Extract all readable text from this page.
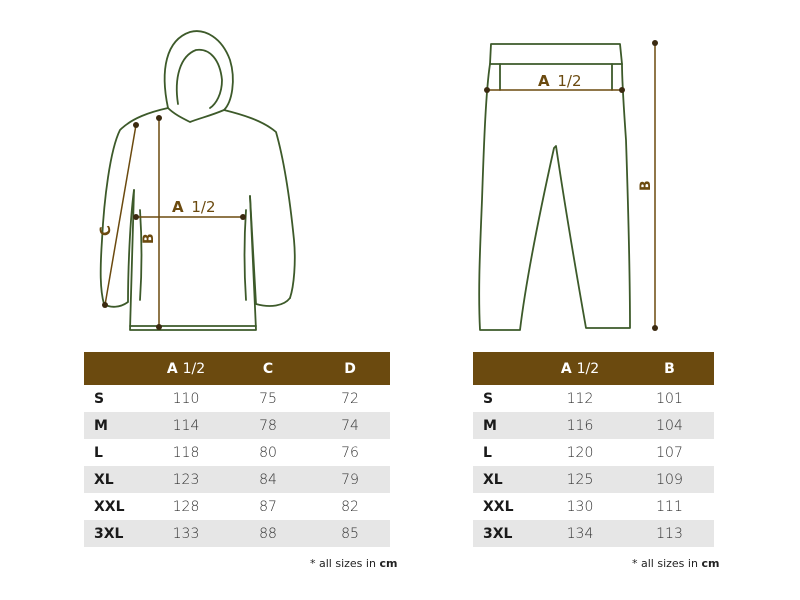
A 1/2
B
C
A 1/2
B
	A 1/2	C	D
S	110	75	72
M	114	78	74
L	118	80	76
XL	123	84	79
XXL	128	87	82
3XL	133	88	85
	A 1/2	B
S	112	101
M	116	104
L	120	107
XL	125	109
XXL	130	111
3XL	134	113
* all sizes in cm	* all sizes in cm
